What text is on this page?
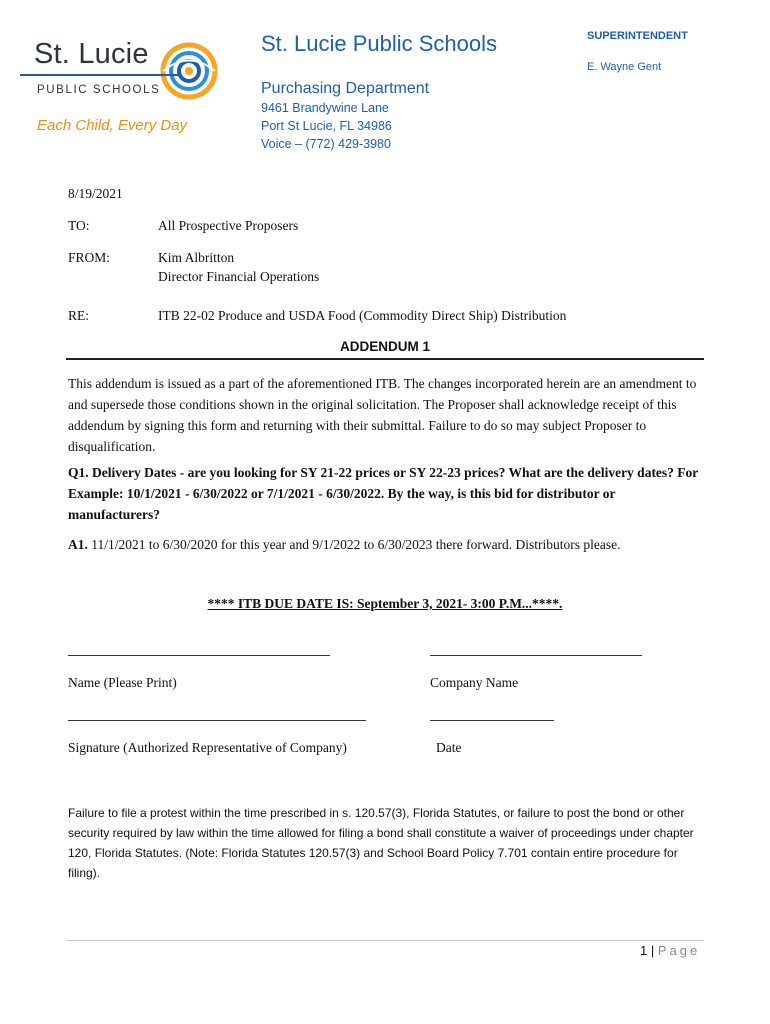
St. Lucie
PUBLIC SCHOOLS
Each Child, Every Day
St. Lucie Public Schools
Purchasing Department
9461 Brandywine Lane
Port St Lucie, FL 34986
Voice – (772) 429-3980
SUPERINTENDENT
E. Wayne Gent
8/19/2021
TO:	All Prospective Proposers
FROM:	Kim Albritton
Director Financial Operations
RE:	ITB 22-02 Produce and USDA Food (Commodity Direct Ship) Distribution
ADDENDUM 1
This addendum is issued as a part of the aforementioned ITB. The changes incorporated herein are an amendment to and supersede those conditions shown in the original solicitation. The Proposer shall acknowledge receipt of this addendum by signing this form and returning with their submittal. Failure to do so may subject Proposer to disqualification.
Q1. Delivery Dates - are you looking for SY 21-22 prices or SY 22-23 prices? What are the delivery dates? For Example: 10/1/2021 - 6/30/2022 or 7/1/2021 - 6/30/2022. By the way, is this bid for distributor or manufacturers?
A1. 11/1/2021 to 6/30/2020 for this year and 9/1/2022 to 6/30/2023 there forward. Distributors please.
**** ITB DUE DATE IS: September 3, 2021- 3:00 P.M...****.
Name (Please Print)	Company Name
Signature (Authorized Representative of Company)	Date
Failure to file a protest within the time prescribed in s. 120.57(3), Florida Statutes, or failure to post the bond or other security required by law within the time allowed for filing a bond shall constitute a waiver of proceedings under chapter 120, Florida Statutes. (Note: Florida Statutes 120.57(3) and School Board Policy 7.701 contain entire procedure for filing).
1 | Page
